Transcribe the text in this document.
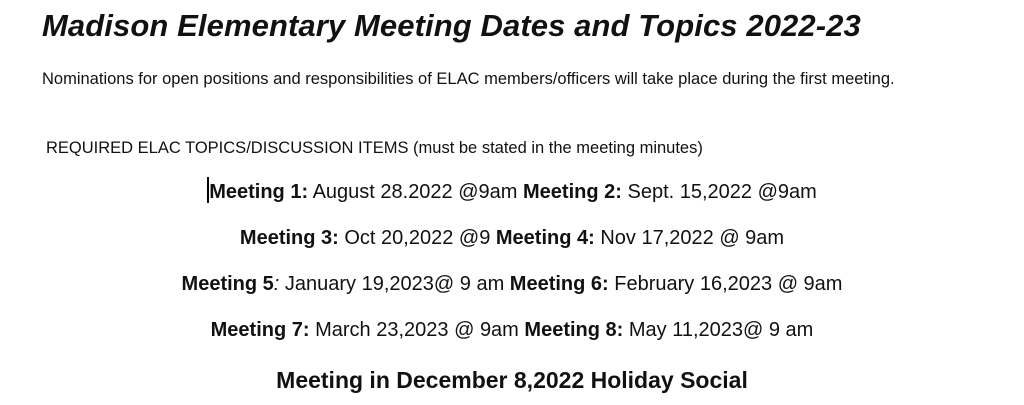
Madison Elementary Meeting Dates and Topics 2022-23

Nominations for open positions and responsibilities of ELAC members/officers will take place during the first meeting.

REQUIRED ELAC TOPICS/DISCUSSION ITEMS (must be stated in the meeting minutes)

Meeting 1: August 28.2022 @9am Meeting 2: Sept. 15,2022 @9am

Meeting 3: Oct 20,2022 @9 Meeting 4: Nov 17,2022 @ 9am

Meeting 5: January 19,2023@ 9 am Meeting 6: February 16,2023 @ 9am

Meeting 7: March 23,2023 @ 9am Meeting 8: May 11,2023@ 9 am

Meeting in December 8,2022 Holiday Social
